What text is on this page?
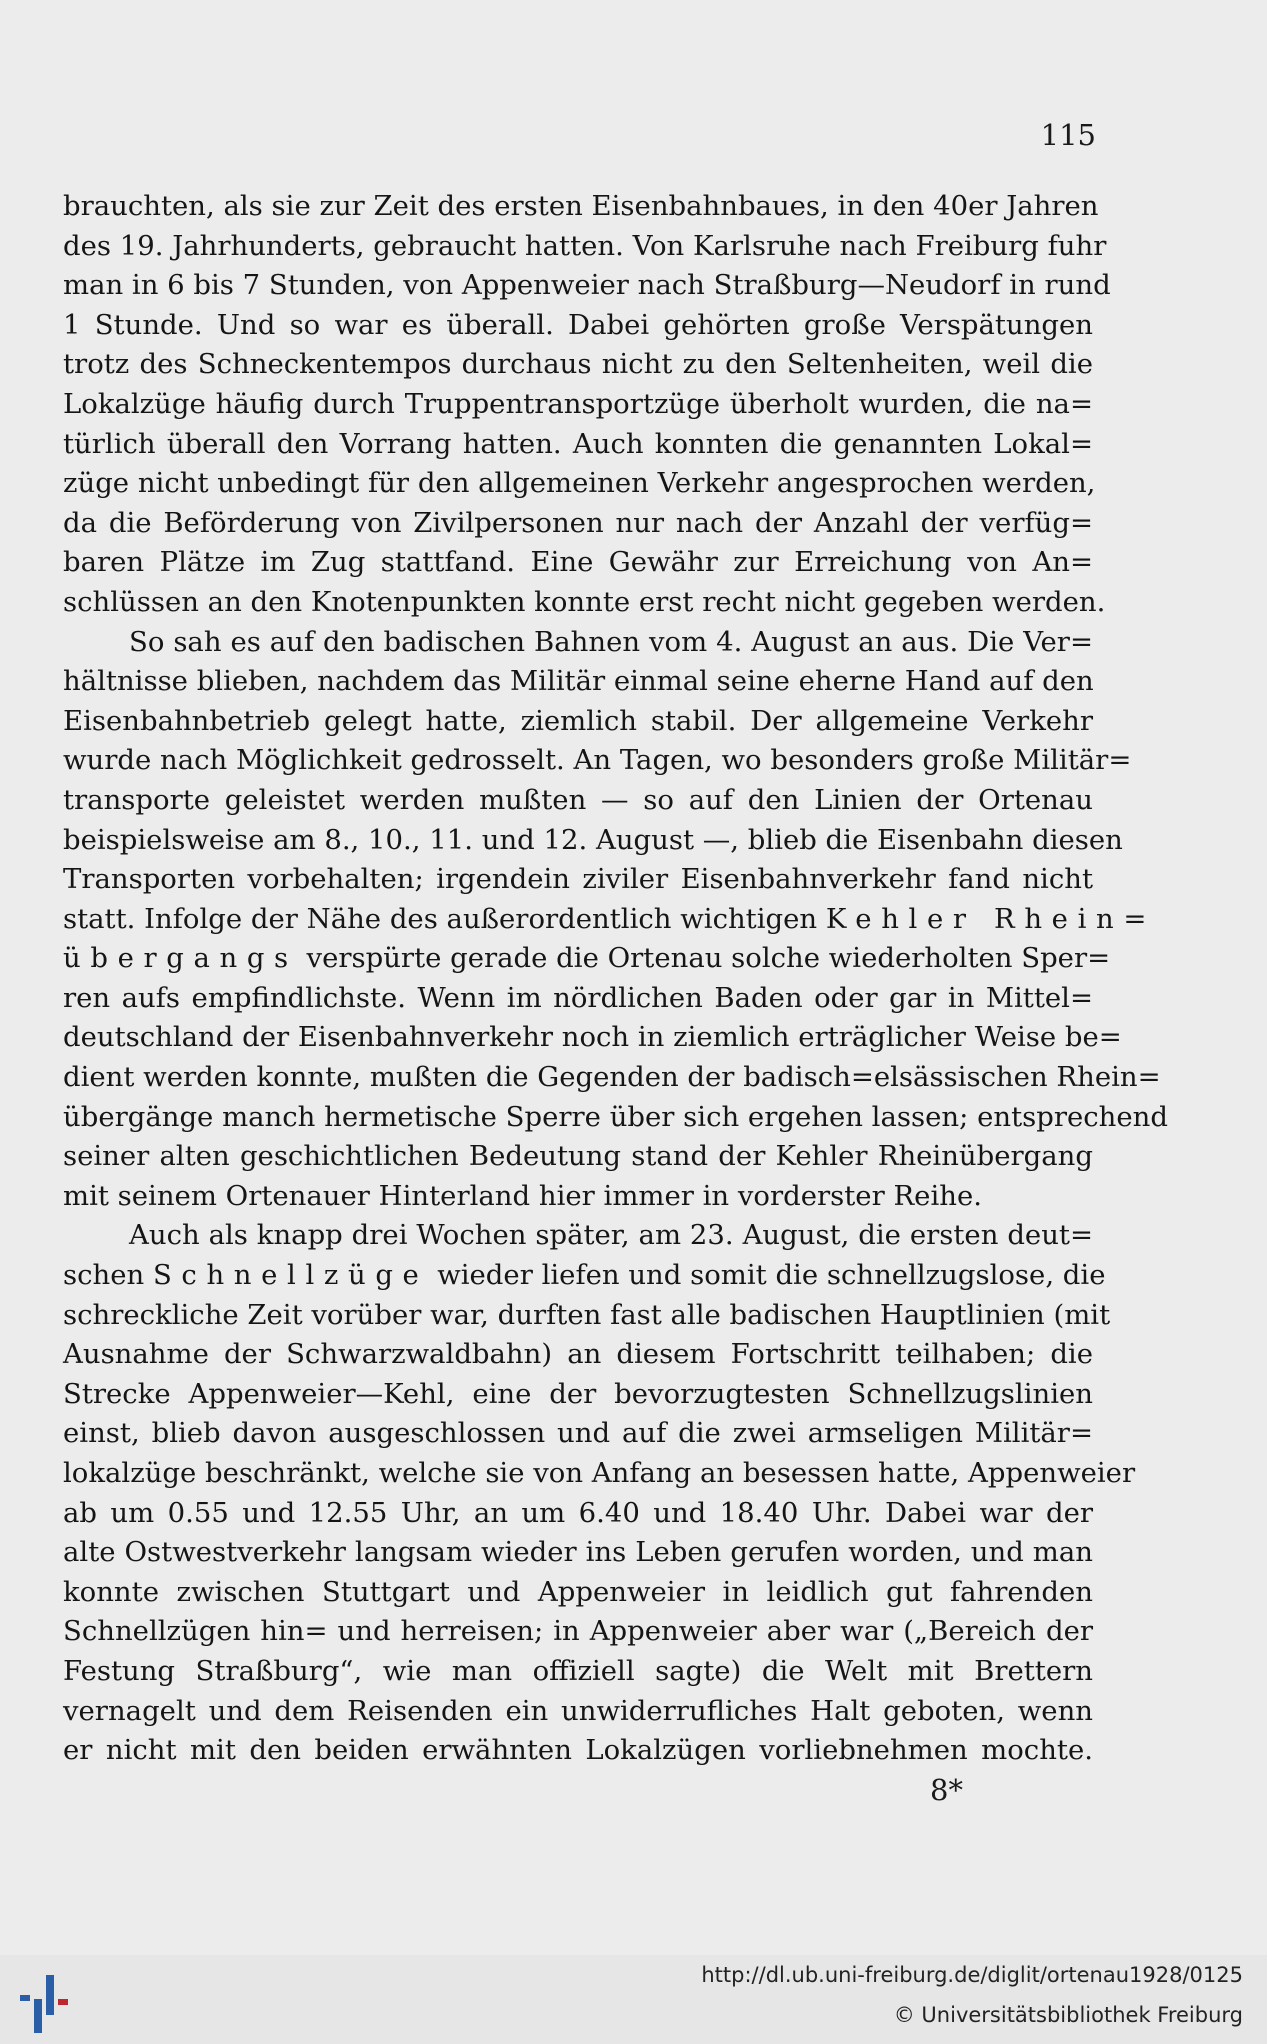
115

brauchten, als sie zur Zeit des ersten Eisenbahnbaues, in den 40er Jahren
des 19. Jahrhunderts, gebraucht hatten. Von Karlsruhe nach Freiburg fuhr
man in 6 bis 7 Stunden, von Appenweier nach Straßburg—Neudorf in rund
1 Stunde. Und so war es überall. Dabei gehörten große Verspätungen
trotz des Schneckentempos durchaus nicht zu den Seltenheiten, weil die
Lokalzüge häufig durch Truppentransportzüge überholt wurden, die na=
türlich überall den Vorrang hatten. Auch konnten die genannten Lokal=
züge nicht unbedingt für den allgemeinen Verkehr angesprochen werden,
da die Beförderung von Zivilpersonen nur nach der Anzahl der verfüg=
baren Plätze im Zug stattfand. Eine Gewähr zur Erreichung von An=
schlüssen an den Knotenpunkten konnte erst recht nicht gegeben werden.

So sah es auf den badischen Bahnen vom 4. August an aus. Die Ver=
hältnisse blieben, nachdem das Militär einmal seine eherne Hand auf den
Eisenbahnbetrieb gelegt hatte, ziemlich stabil. Der allgemeine Verkehr
wurde nach Möglichkeit gedrosselt. An Tagen, wo besonders große Militär=
transporte geleistet werden mußten — so auf den Linien der Ortenau
beispielsweise am 8., 10., 11. und 12. August —, blieb die Eisenbahn diesen
Transporten vorbehalten; irgendein ziviler Eisenbahnverkehr fand nicht
statt. Infolge der Nähe des außerordentlich wichtigen Kehler Rhein=
übergangs verspürte gerade die Ortenau solche wiederholten Sper=
ren aufs empfindlichste. Wenn im nördlichen Baden oder gar in Mittel=
deutschland der Eisenbahnverkehr noch in ziemlich erträglicher Weise be=
dient werden konnte, mußten die Gegenden der badisch=elsässischen Rhein=
übergänge manch hermetische Sperre über sich ergehen lassen; entsprechend
seiner alten geschichtlichen Bedeutung stand der Kehler Rheinübergang
mit seinem Ortenauer Hinterland hier immer in vorderster Reihe.

Auch als knapp drei Wochen später, am 23. August, die ersten deut=
schen Schnellzüge wieder liefen und somit die schnellzugslose, die
schreckliche Zeit vorüber war, durften fast alle badischen Hauptlinien (mit
Ausnahme der Schwarzwaldbahn) an diesem Fortschritt teilhaben; die
Strecke Appenweier—Kehl, eine der bevorzugtesten Schnellzugslinien
einst, blieb davon ausgeschlossen und auf die zwei armseligen Militär=
lokalzüge beschränkt, welche sie von Anfang an besessen hatte, Appenweier
ab um 0.55 und 12.55 Uhr, an um 6.40 und 18.40 Uhr. Dabei war der
alte Ostwestverkehr langsam wieder ins Leben gerufen worden, und man
konnte zwischen Stuttgart und Appenweier in leidlich gut fahrenden
Schnellzügen hin= und herreisen; in Appenweier aber war („Bereich der
Festung Straßburg“, wie man offiziell sagte) die Welt mit Brettern
vernagelt und dem Reisenden ein unwiderrufliches Halt geboten, wenn
er nicht mit den beiden erwähnten Lokalzügen vorliebnehmen mochte.

8*
http://dl.ub.uni-freiburg.de/diglit/ortenau1928/0125
© Universitätsbibliothek Freiburg
